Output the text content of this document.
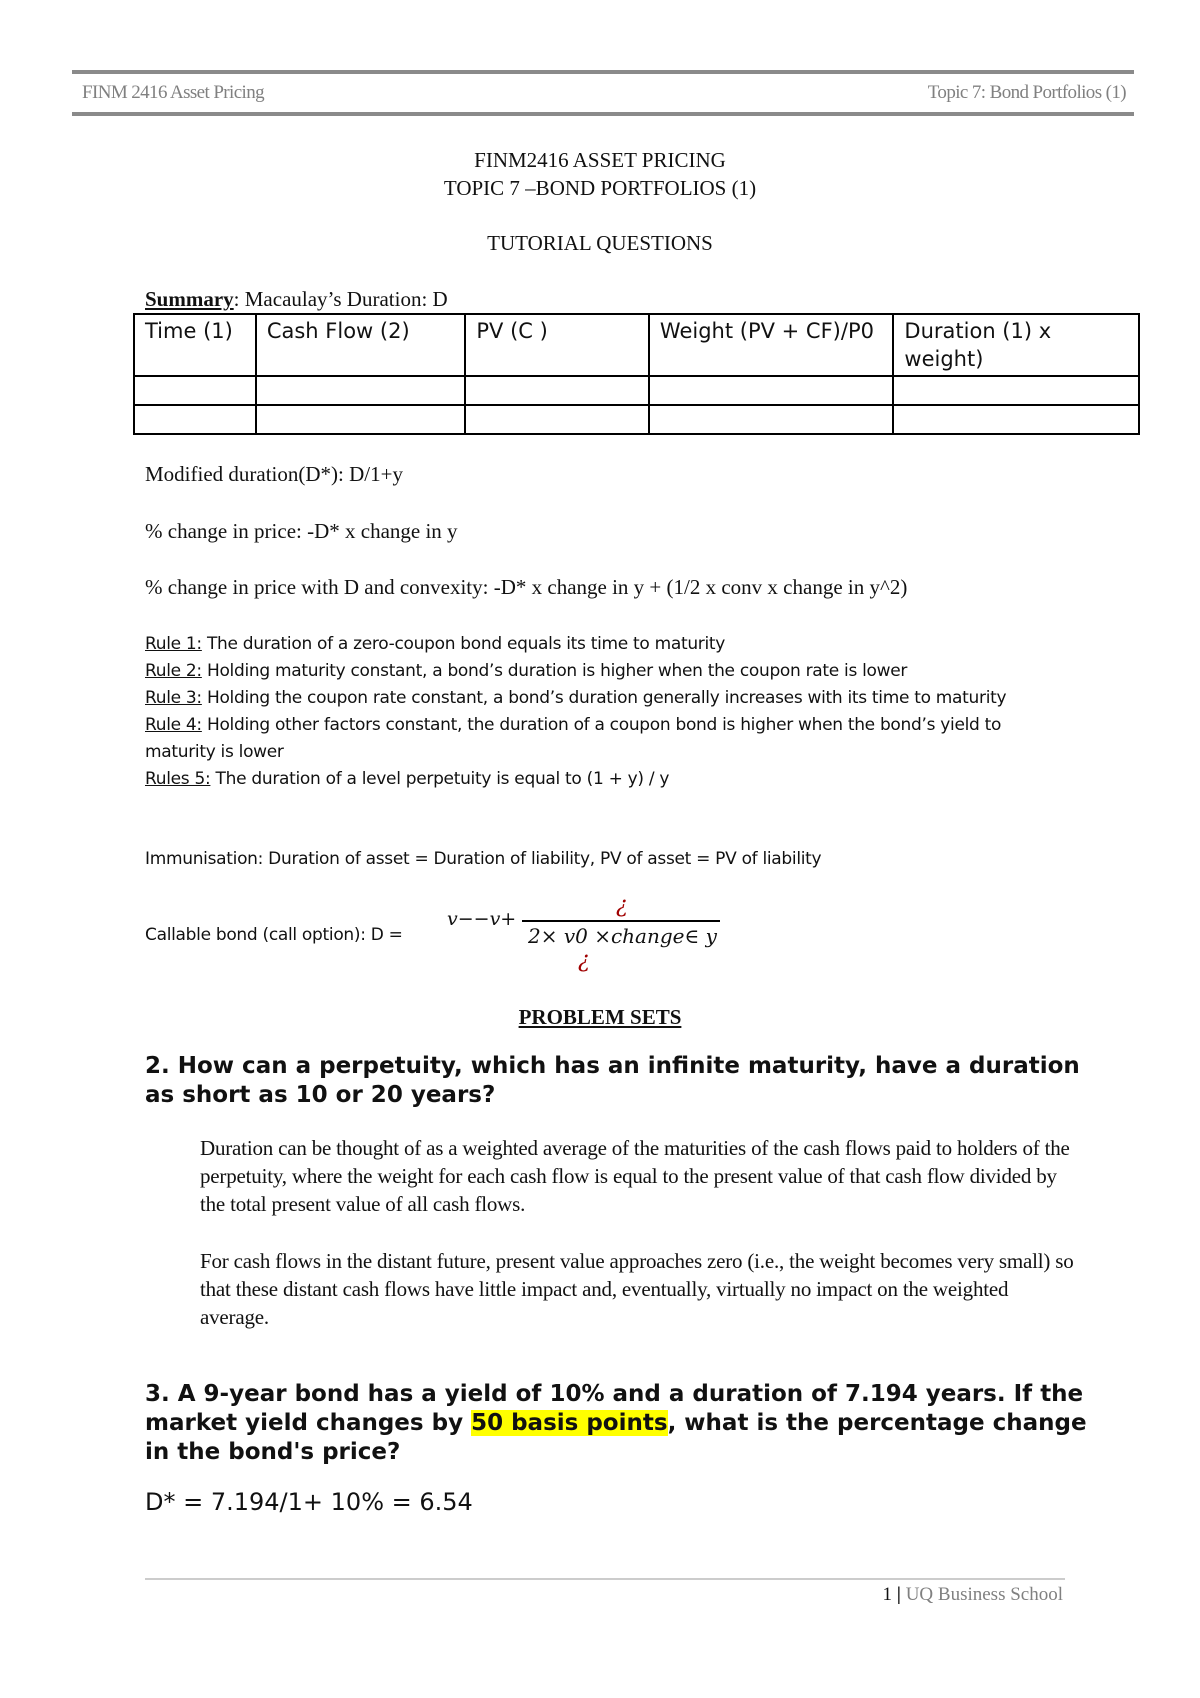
FINM 2416 Asset Pricing	Topic 7: Bond Portfolios (1)
FINM2416 ASSET PRICING
TOPIC 7 –BOND PORTFOLIOS (1)
TUTORIAL QUESTIONS
Summary: Macaulay’s Duration: D
Time (1)	Cash Flow (2)	PV (C )	Weight (PV + CF)/P0	Duration (1) x weight)

Modified duration(D*): D/1+y
% change in price: -D* x change in y
% change in price with D and convexity: -D* x change in y + (1/2 x conv x change in y^2)

Rule 1: The duration of a zero-coupon bond equals its time to maturity

Rule 2: Holding maturity constant, a bond’s duration is higher when the coupon rate is lower

Rule 3: Holding the coupon rate constant, a bond’s duration generally increases with its time to maturity

Rule 4: Holding other factors constant, the duration of a coupon bond is higher when the bond’s yield to maturity is lower

Rules 5: The duration of a level perpetuity is equal to (1 + y) / y

Immunisation: Duration of asset = Duration of liability, PV of asset = PV of liability
Callable bond (call option): D =
v−−v+
¿
2× v0 ×change∈ y
¿
PROBLEM SETS
2. How can a perpetuity, which has an infinite maturity, have a duration as short as 10 or 20 years?
Duration can be thought of as a weighted average of the maturities of the cash flows paid to holders of the perpetuity, where the weight for each cash flow is equal to the present value of that cash flow divided by the total present value of all cash flows.
For cash flows in the distant future, present value approaches zero (i.e., the weight becomes very small) so that these distant cash flows have little impact and, eventually, virtually no impact on the weighted average.
3. A 9-year bond has a yield of 10% and a duration of 7.194 years. If the market yield changes by 50 basis points, what is the percentage change in the bond's price?
D* = 7.194/1+ 10% = 6.54
1 | UQ Business School
